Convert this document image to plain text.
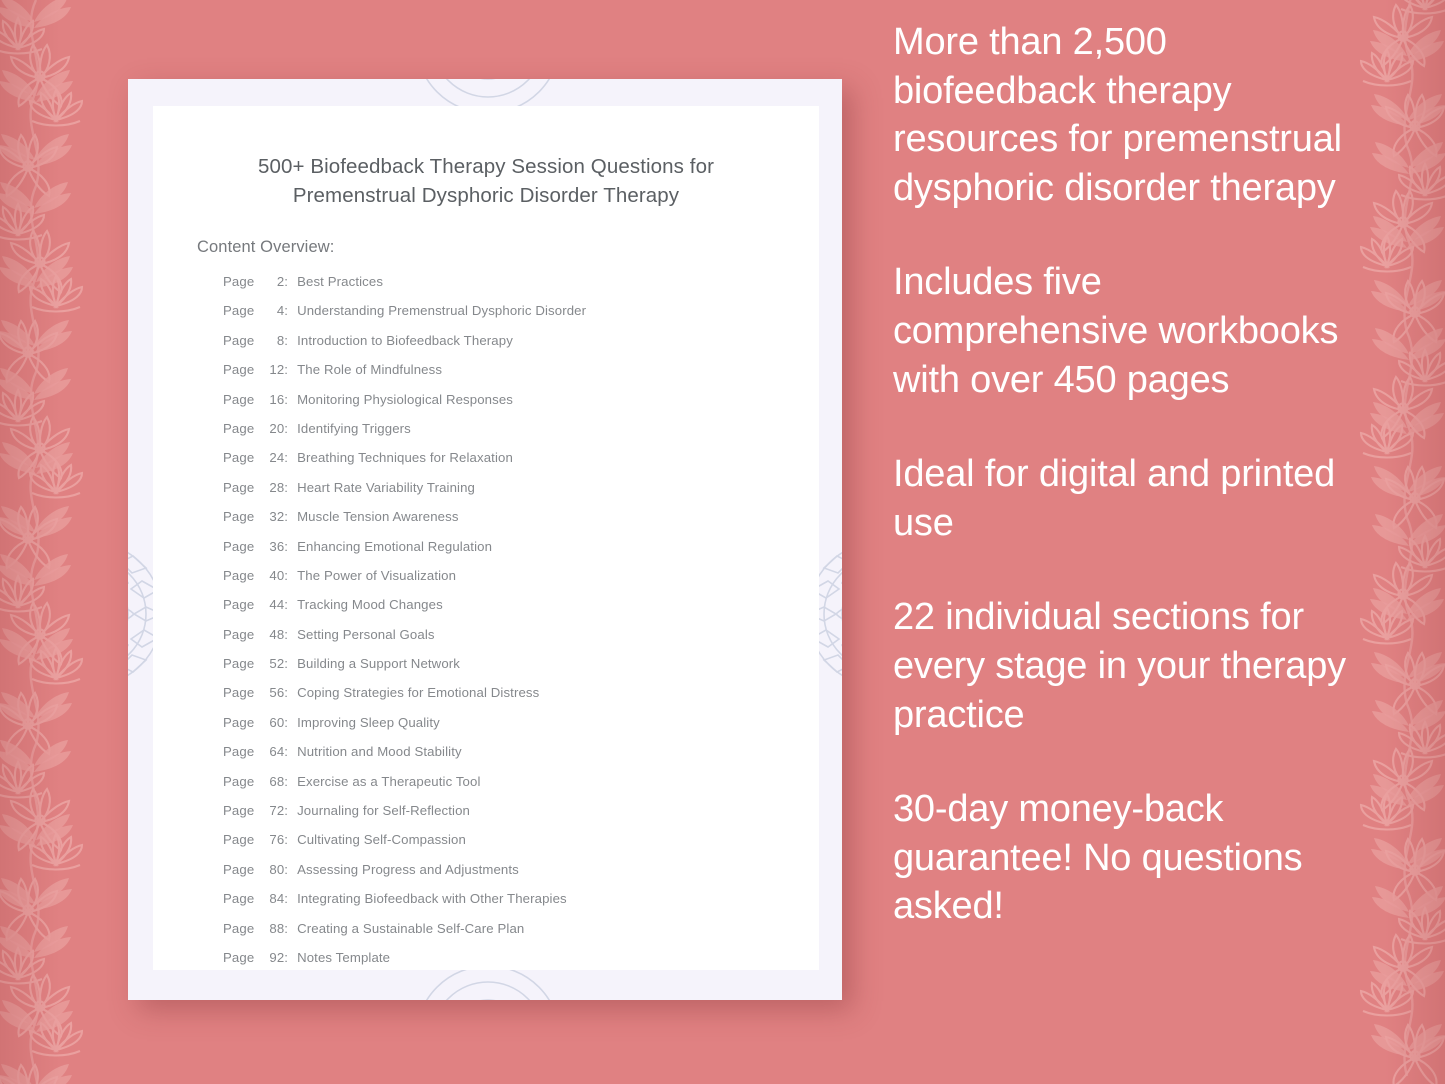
500+ Biofeedback Therapy Session Questions for Premenstrual Dysphoric Disorder Therapy
Content Overview:
Page	2 : Best Practices
Page	4 : Understanding Premenstrual Dysphoric Disorder
Page	8 : Introduction to Biofeedback Therapy
Page	12 : The Role of Mindfulness
Page	16 : Monitoring Physiological Responses
Page	20 : Identifying Triggers
Page	24 : Breathing Techniques for Relaxation
Page	28 : Heart Rate Variability Training
Page	32 : Muscle Tension Awareness
Page	36 : Enhancing Emotional Regulation
Page	40 : The Power of Visualization
Page	44 : Tracking Mood Changes
Page	48 : Setting Personal Goals
Page	52 : Building a Support Network
Page	56 : Coping Strategies for Emotional Distress
Page	60 : Improving Sleep Quality
Page	64 : Nutrition and Mood Stability
Page	68 : Exercise as a Therapeutic Tool
Page	72 : Journaling for Self-Reflection
Page	76 : Cultivating Self-Compassion
Page	80 : Assessing Progress and Adjustments
Page	84 : Integrating Biofeedback with Other Therapies
Page	88 : Creating a Sustainable Self-Care Plan
Page	92 : Notes Template

More than 2,500 biofeedback therapy resources for premenstrual dysphoric disorder therapy

Includes five comprehensive workbooks with over 450 pages

Ideal for digital and printed use

22 individual sections for every stage in your therapy practice

30-day money-back guarantee! No questions asked!
